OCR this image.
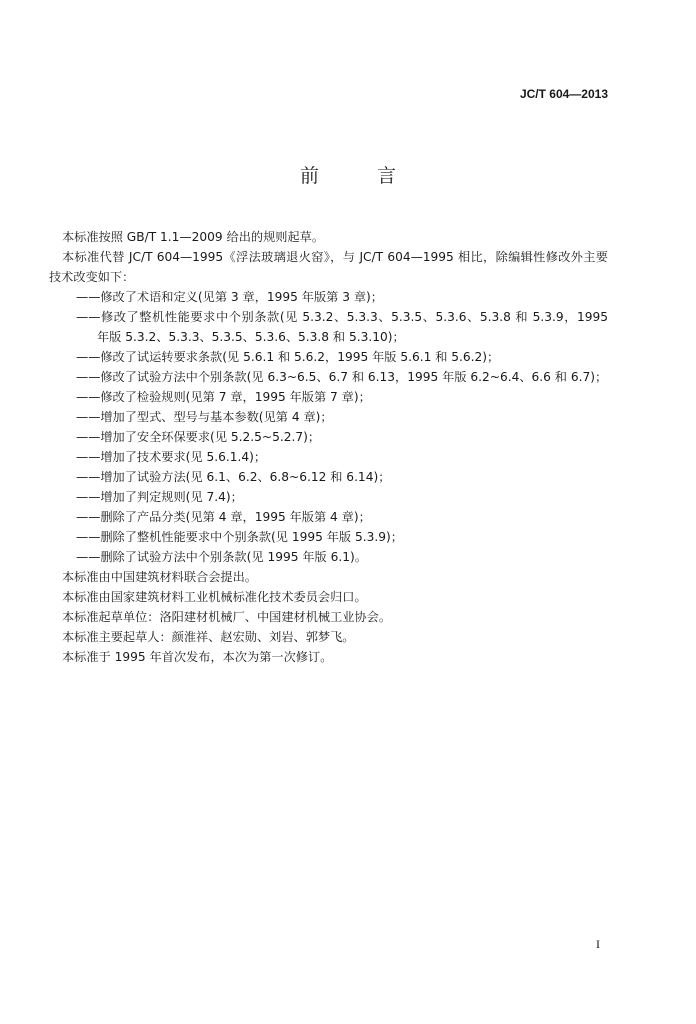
JC/T 604—2013
前 言
本标准按照 GB/T 1.1—2009 给出的规则起草。
本标准代替 JC/T 604—1995《浮法玻璃退火窑》，与 JC/T 604—1995 相比，除编辑性修改外主要
技术改变如下：
——修改了术语和定义(见第 3 章，1995 年版第 3 章)；
——修改了整机性能要求中个别条款(见 5.3.2、5.3.3、5.3.5、5.3.6、5.3.8 和 5.3.9，1995
年版 5.3.2、5.3.3、5.3.5、5.3.6、5.3.8 和 5.3.10)；
——修改了试运转要求条款(见 5.6.1 和 5.6.2，1995 年版 5.6.1 和 5.6.2)；
——修改了试验方法中个别条款(见 6.3~6.5、6.7 和 6.13，1995 年版 6.2~6.4、6.6 和 6.7)；
——修改了检验规则(见第 7 章，1995 年版第 7 章)；
——增加了型式、型号与基本参数(见第 4 章)；
——增加了安全环保要求(见 5.2.5~5.2.7)；
——增加了技术要求(见 5.6.1.4)；
——增加了试验方法(见 6.1、6.2、6.8~6.12 和 6.14)；
——增加了判定规则(见 7.4)；
——删除了产品分类(见第 4 章，1995 年版第 4 章)；
——删除了整机性能要求中个别条款(见 1995 年版 5.3.9)；
——删除了试验方法中个别条款(见 1995 年版 6.1)。
本标准由中国建筑材料联合会提出。
本标准由国家建筑材料工业机械标准化技术委员会归口。
本标准起草单位：洛阳建材机械厂、中国建材机械工业协会。
本标准主要起草人：颜淮祥、赵宏勋、刘岩、郭梦飞。
本标准于 1995 年首次发布，本次为第一次修订。
I
